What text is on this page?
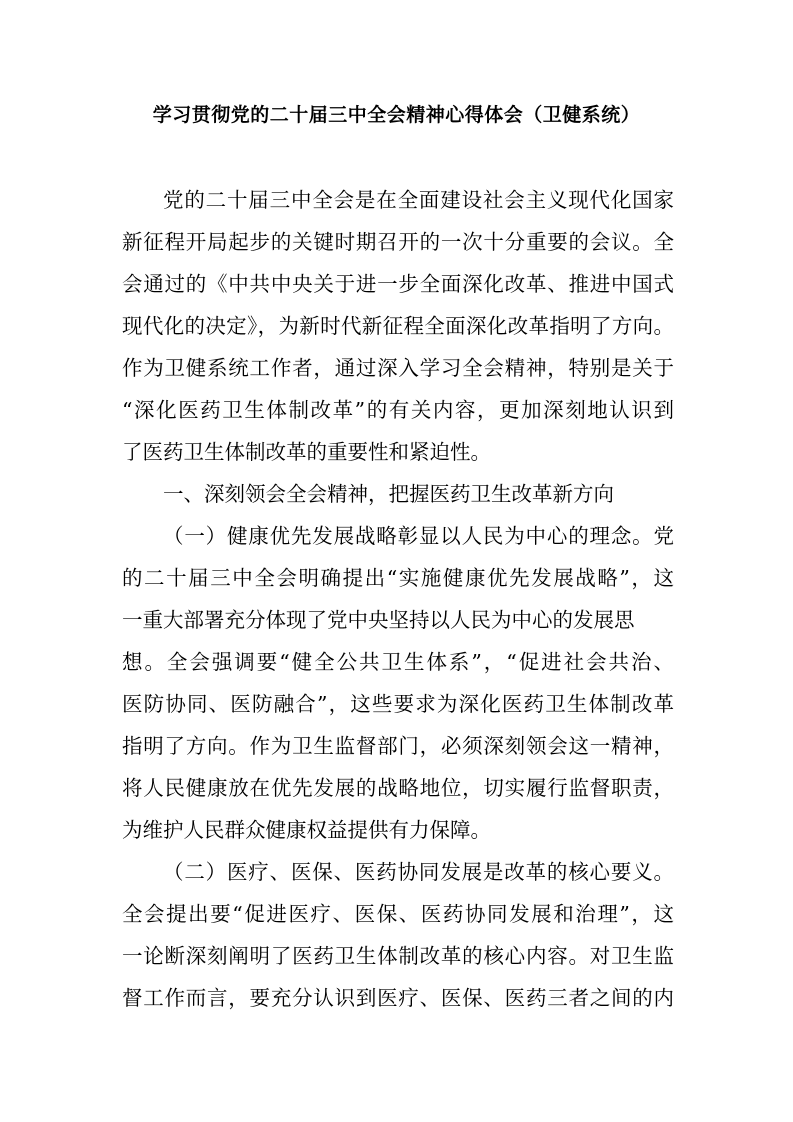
学习贯彻党的二十届三中全会精神心得体会（卫健系统）
党的二十届三中全会是在全面建设社会主义现代化国家
新征程开局起步的关键时期召开的一次十分重要的会议。全
会通过的《中共中央关于进一步全面深化改革、推进中国式
现代化的决定》，为新时代新征程全面深化改革指明了方向。
作为卫健系统工作者，通过深入学习全会精神，特别是关于
“深化医药卫生体制改革”的有关内容，更加深刻地认识到
了医药卫生体制改革的重要性和紧迫性。
一、深刻领会全会精神，把握医药卫生改革新方向
（一）健康优先发展战略彰显以人民为中心的理念。党
的二十届三中全会明确提出“实施健康优先发展战略”，这
一重大部署充分体现了党中央坚持以人民为中心的发展思
想。全会强调要“健全公共卫生体系”，“促进社会共治、
医防协同、医防融合”，这些要求为深化医药卫生体制改革
指明了方向。作为卫生监督部门，必须深刻领会这一精神，
将人民健康放在优先发展的战略地位，切实履行监督职责，
为维护人民群众健康权益提供有力保障。
（二）医疗、医保、医药协同发展是改革的核心要义。
全会提出要“促进医疗、医保、医药协同发展和治理”，这
一论断深刻阐明了医药卫生体制改革的核心内容。对卫生监
督工作而言，要充分认识到医疗、医保、医药三者之间的内
